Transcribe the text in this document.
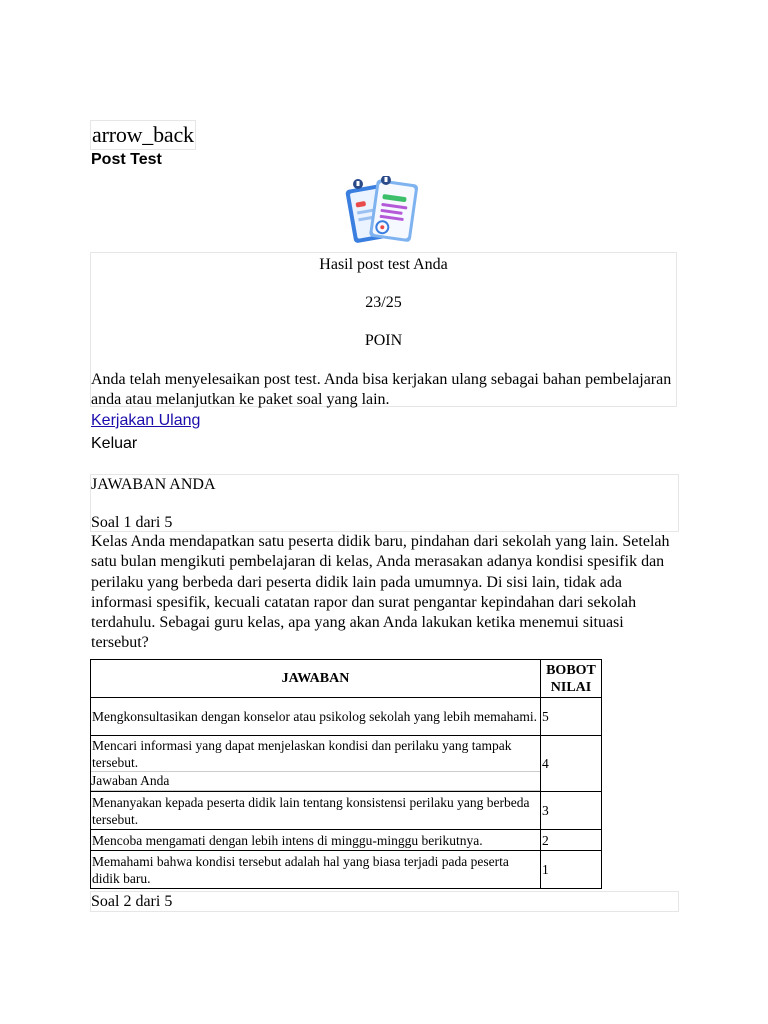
arrow_back
Post Test
Hasil post test Anda
23/25
POIN
Anda telah menyelesaikan post test. Anda bisa kerjakan ulang sebagai bahan pembelajaran anda atau melanjutkan ke paket soal yang lain.
Kerjakan Ulang
Keluar
JAWABAN ANDA
Soal 1 dari 5
Kelas Anda mendapatkan satu peserta didik baru, pindahan dari sekolah yang lain. Setelah satu bulan mengikuti pembelajaran di kelas, Anda merasakan adanya kondisi spesifik dan perilaku yang berbeda dari peserta didik lain pada umumnya. Di sisi lain, tidak ada informasi spesifik, kecuali catatan rapor dan surat pengantar kepindahan dari sekolah terdahulu. Sebagai guru kelas, apa yang akan Anda lakukan ketika menemui situasi tersebut?
JAWABAN	BOBOT NILAI
Mengkonsultasikan dengan konselor atau psikolog sekolah yang lebih memahami.	5

Mencari informasi yang dapat menjelaskan kondisi dan perilaku yang tampak tersebut.
Jawaban Anda	4
Menanyakan kepada peserta didik lain tentang konsistensi perilaku yang berbeda tersebut.	3
Mencoba mengamati dengan lebih intens di minggu-minggu berikutnya.	2
Memahami bahwa kondisi tersebut adalah hal yang biasa terjadi pada peserta didik baru.	1
Soal 2 dari 5
